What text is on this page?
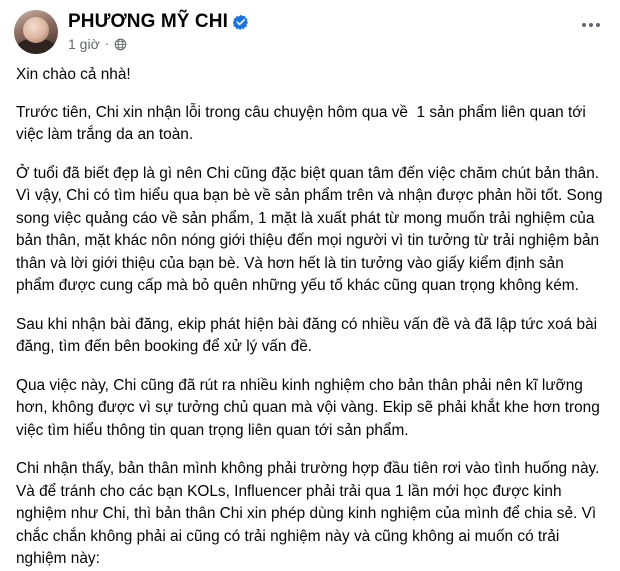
PHƯƠNG MỸ CHI
1 giờ ·

Xin chào cả nhà!

Trước tiên, Chi xin nhận lỗi trong câu chuyện hôm qua về  1 sản phẩm liên quan tới việc làm trắng da an toàn.

Ở tuổi đã biết đẹp là gì nên Chi cũng đặc biệt quan tâm đến việc chăm chút bản thân. Vì vậy, Chi có tìm hiểu qua bạn bè về sản phẩm trên và nhận được phản hồi tốt. Song song việc quảng cáo về sản phẩm, 1 mặt là xuất phát từ mong muốn trải nghiệm của bản thân, mặt khác nôn nóng giới thiệu đến mọi người vì tin tưởng từ trải nghiệm bản thân và lời giới thiệu của bạn bè. Và hơn hết là tin tưởng vào giấy kiểm định sản phẩm được cung cấp mà bỏ quên những yếu tố khác cũng quan trọng không kém.

Sau khi nhận bài đăng, ekip phát hiện bài đăng có nhiều vấn đề và đã lập tức xoá bài đăng, tìm đến bên booking để xử lý vấn đề.

Qua việc này, Chi cũng đã rút ra nhiều kinh nghiệm cho bản thân phải nên kĩ lưỡng hơn, không được vì sự tưởng chủ quan mà vội vàng. Ekip sẽ phải khắt khe hơn trong việc tìm hiểu thông tin quan trọng liên quan tới sản phẩm.

Chi nhận thấy, bản thân mình không phải trường hợp đầu tiên rơi vào tình huống này. Và để tránh cho các bạn KOLs, Influencer phải trải qua 1 lần mới học được kinh nghiệm như Chi, thì bản thân Chi xin phép dùng kinh nghiệm của mình để chia sẻ. Vì chắc chắn không phải ai cũng có trải nghiệm này và cũng không ai muốn có trải nghiệm này:
